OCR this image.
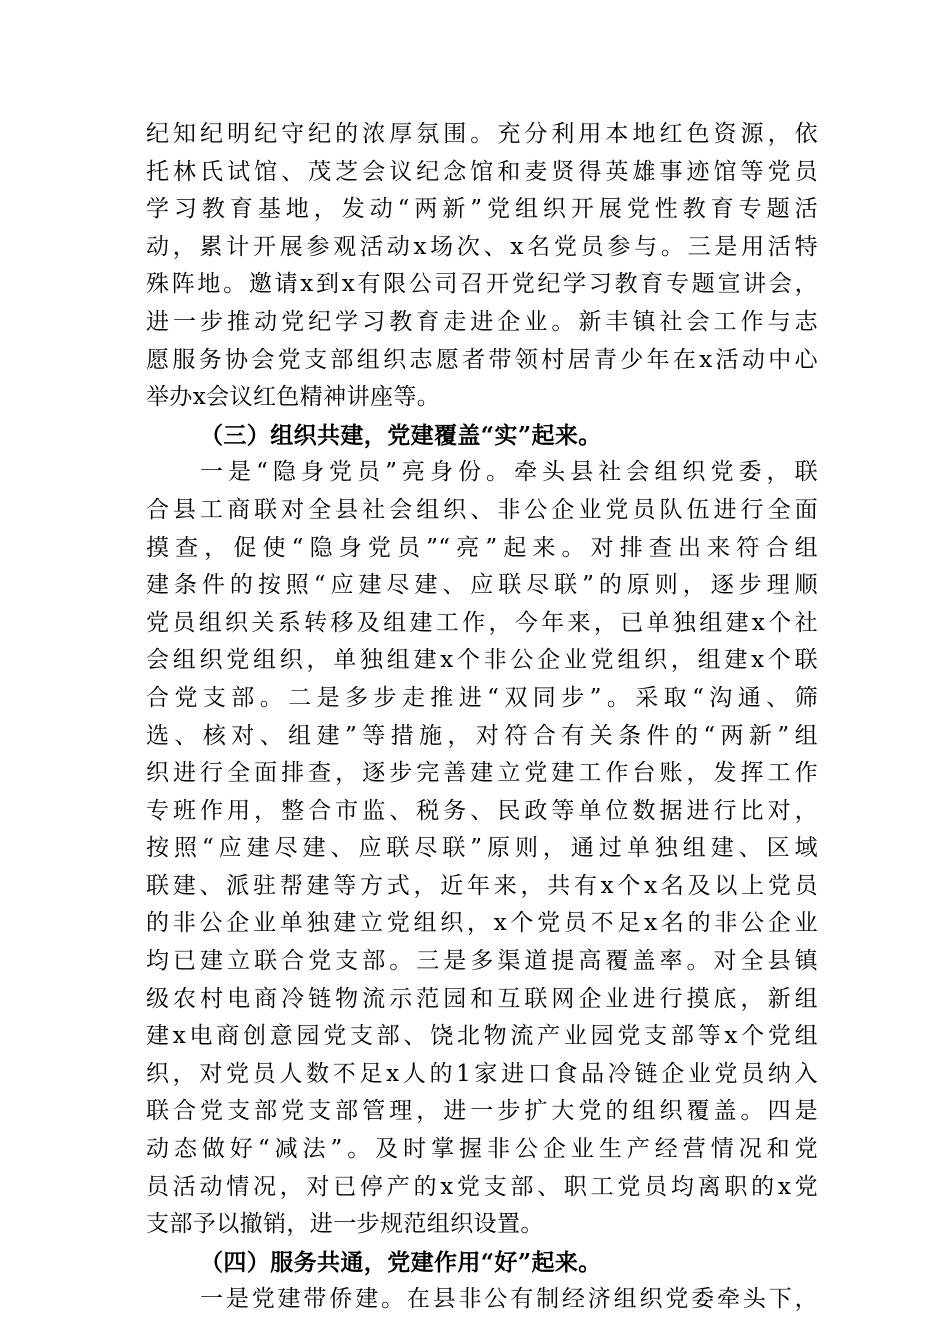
纪知纪明纪守纪的浓厚氛围。充分利用本地红色资源，依
托林氏试馆、茂芝会议纪念馆和麦贤得英雄事迹馆等党员
学习教育基地，发动“两新”党组织开展党性教育专题活
动，累计开展参观活动x场次、x名党员参与。三是用活特
殊阵地。邀请x到x有限公司召开党纪学习教育专题宣讲会，
进一步推动党纪学习教育走进企业。新丰镇社会工作与志
愿服务协会党支部组织志愿者带领村居青少年在x活动中心
举办x会议红色精神讲座等。
（三）组织共建，党建覆盖“实”起来。
一是“隐身党员”亮身份。牵头县社会组织党委，联
合县工商联对全县社会组织、非公企业党员队伍进行全面
摸查，促使“隐身党员”“亮”起来。对排查出来符合组
建条件的按照“应建尽建、应联尽联”的原则，逐步理顺
党员组织关系转移及组建工作，今年来，已单独组建x个社
会组织党组织，单独组建x个非公企业党组织，组建x个联
合党支部。二是多步走推进“双同步”。采取“沟通、筛
选、核对、组建”等措施，对符合有关条件的“两新”组
织进行全面排查，逐步完善建立党建工作台账，发挥工作
专班作用，整合市监、税务、民政等单位数据进行比对，
按照“应建尽建、应联尽联”原则，通过单独组建、区域
联建、派驻帮建等方式，近年来，共有x个x名及以上党员
的非公企业单独建立党组织，x个党员不足x名的非公企业
均已建立联合党支部。三是多渠道提高覆盖率。对全县镇
级农村电商冷链物流示范园和互联网企业进行摸底，新组
建x电商创意园党支部、饶北物流产业园党支部等x个党组
织，对党员人数不足x人的1家进口食品冷链企业党员纳入
联合党支部党支部管理，进一步扩大党的组织覆盖。四是
动态做好“减法”。及时掌握非公企业生产经营情况和党
员活动情况，对已停产的x党支部、职工党员均离职的x党
支部予以撤销，进一步规范组织设置。
（四）服务共通，党建作用“好”起来。
一是党建带侨建。在县非公有制经济组织党委牵头下，
